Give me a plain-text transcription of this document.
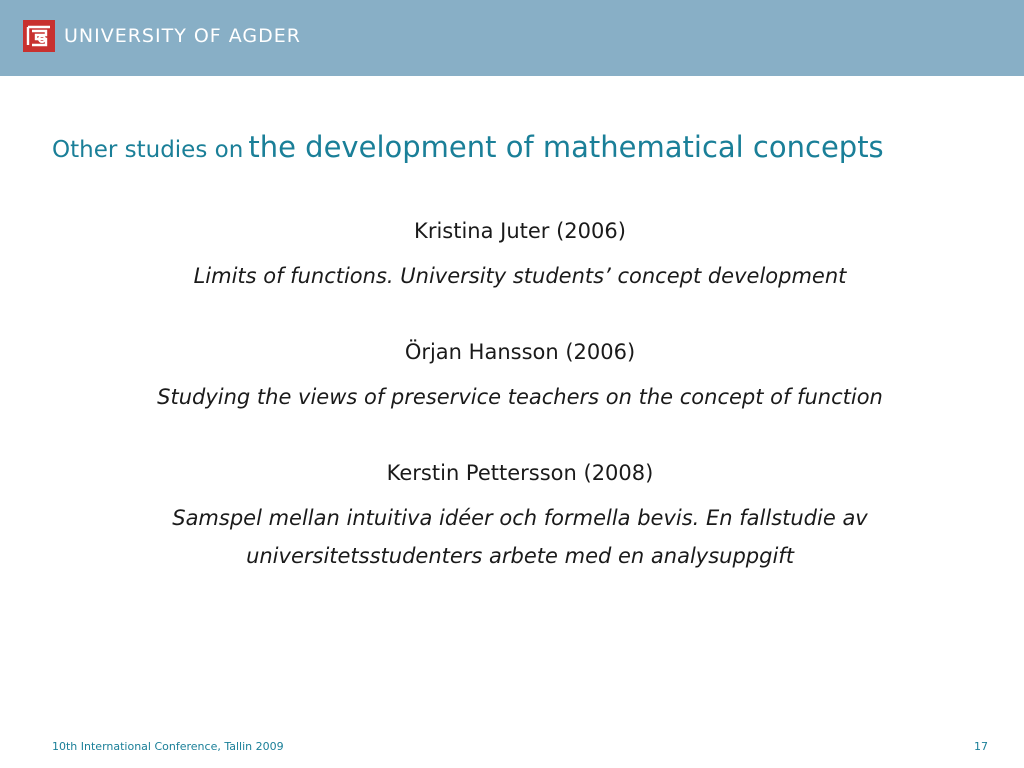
UNIVERSITY OF AGDER
Other studies on the development of mathematical concepts
Kristina Juter (2006)
Limits of functions. University students’ concept development
Örjan Hansson (2006)
Studying the views of preservice teachers on the concept of function
Kerstin Pettersson (2008)
Samspel mellan intuitiva idéer och formella bevis. En fallstudie av
universitetsstudenters arbete med en analysuppgift
10th International Conference, Tallin 2009	17
